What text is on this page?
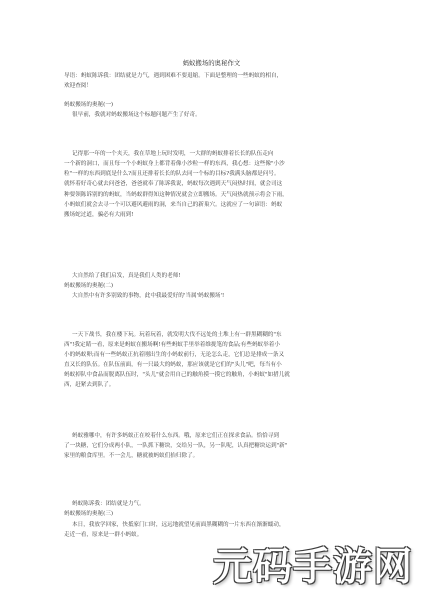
蚂蚁搬场的奥秘作文
导语：蚂蚁陈诉我：团结就是力气，遇到困难不要退缩。下面是整理的一些蚂蚁的相自，
欢迎查阅！
蚂蚁搬场的奥秘(一)
很早前，我就对蚂蚁搬场这个标题问题产生了好奇。
记得那一年的一个夹天，我在草地上玩时发明，一大群的蚂蚁排着长长的队伍走向
一个新的洞口，而且每一个小蚂蚁身上都背着像小沙粒一样的东西，我心想：这些像"小沙
粒"一样的东西到底是什么?而且还排着长长的队去同一个标的目标?我满头脑都是问号。
就怀着好奇心就去问爸爸，爸爸就奉了陈诉我说，蚂蚁每次遇到天气闷热时间，就会司这
种要领陈诉别的的蚂蚁，当蚂蚁群得知这种情况就会立即搬场。天气闷热就预示将会下雨，
小蚂蚁们就会去寻一个可以避风避雨的洞，来当自己的新巢穴。这就应了一句谚语：蚂蚁
搬场蛇过道，骗必有大雨到!
大自然给了我们启发，真是我们人类的老师!
蚂蚁搬场的奥秘(二)
大自然中有许多别致的事物，此中我最爱好的'当属'蚂蚁搬场'!
一天下战书，我在楼下玩。玩着玩着，就发明大伐不远处的土堆上有一群黑糊糊的"东
西"!我定睛一看，原来是蚂蚁在搬场啊!有些蚂蚁手里举着维拢笔的食品;有些蚂蚁举着小
小的蚂蚁卵;而有一些蚂蚁正抗着刚出生的小蚂蚁前行，无论怎么走，它们总是排成一条又
直又长的队伍。在队伍前面，有一只最大的蚂蚁，那应该就是它们的"头儿"吧，每当有小
蚂蚁掉队中食品而脱离队伍时，"头儿"就会用自己的触角摸一摸它的触角，小蚂蚁"如措儿就
西，赶紧去到队了。
蚂蚁雅哪中，有许多蚂蚁正在咬着什么东西。哦，原来它们正在探求食品。恰恰寻到
了一块糖，它们分成两小队，一队抓下糖块，交给另一队，另一队呢，认真把糖块运到"新"
家里的粮食库里。不一会儿，糖就被蚂蚁们抬归除了。
蚂蚁陈诉我：团结就是力气。
蚂蚁搬场的奥秘(三)
本日，我放学回家，快抵家门口时，远远地就望见前面黑糊糊的一片东西在渐渐蠕动，
走近一看，原来是一群小蚂蚁。
元码手游网
